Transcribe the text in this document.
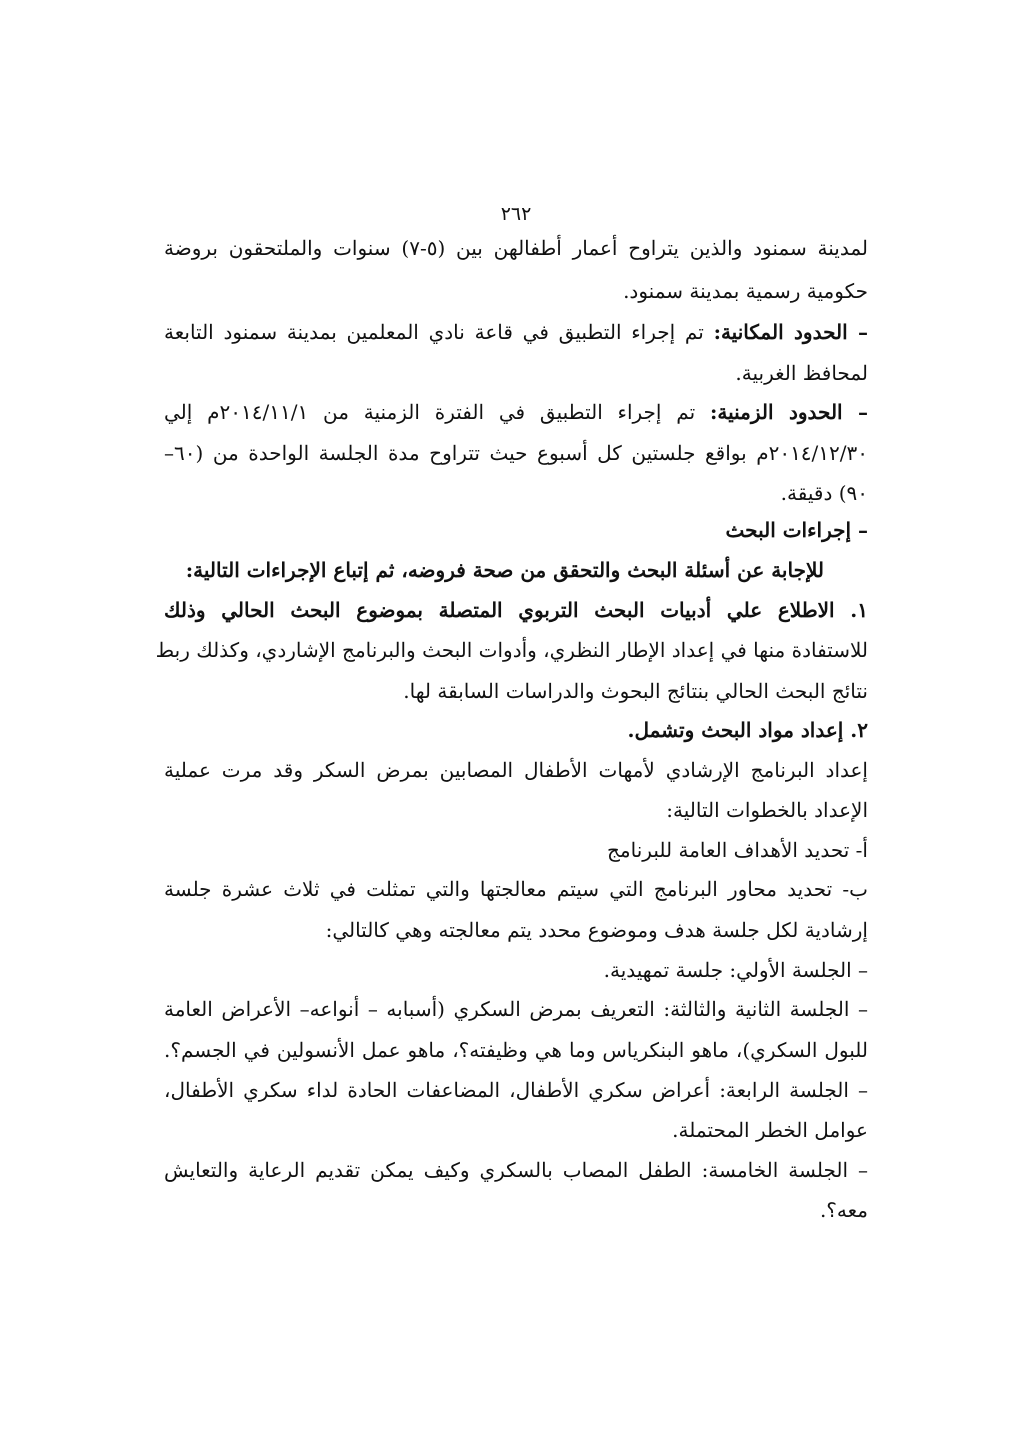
٢٦٢
لمدينة سمنود والذين يتراوح أعمار أطفالهن بين (٥-٧) سنوات والملتحقون بروضة
حكومية رسمية بمدينة سمنود.
– الحدود المكانية: تم إجراء التطبيق في قاعة نادي المعلمين بمدينة سمنود التابعة
لمحافظ الغربية.
– الحدود الزمنية: تم إجراء التطبيق في الفترة الزمنية من ٢٠١٤/١١/١م إلي
٢٠١٤/١٢/٣٠م بواقع جلستين كل أسبوع حيث تتراوح مدة الجلسة الواحدة من (٦٠–
٩٠) دقيقة.
– إجراءات البحث
للإجابة عن أسئلة البحث والتحقق من صحة فروضه، ثم إتباع الإجراءات التالية:
١. الاطلاع علي أدبيات البحث التربوي المتصلة بموضوع البحث الحالي وذلك
للاستفادة منها في إعداد الإطار النظري، وأدوات البحث والبرنامج الإشاردي، وكذلك ربط
نتائج البحث الحالي بنتائج البحوث والدراسات السابقة لها.
٢. إعداد مواد البحث وتشمل.
إعداد البرنامج الإرشادي لأمهات الأطفال المصابين بمرض السكر وقد مرت عملية
الإعداد بالخطوات التالية:
أ- تحديد الأهداف العامة للبرنامج
ب- تحديد محاور البرنامج التي سيتم معالجتها والتي تمثلت في ثلاث عشرة جلسة
إرشادية لكل جلسة هدف وموضوع محدد يتم معالجته وهي كالتالي:
– الجلسة الأولي: جلسة تمهيدية.
– الجلسة الثانية والثالثة: التعريف بمرض السكري (أسبابه – أنواعه– الأعراض العامة
للبول السكري)، ماهو البنكرياس وما هي وظيفته؟، ماهو عمل الأنسولين في الجسم؟.
– الجلسة الرابعة: أعراض سكري الأطفال، المضاعفات الحادة لداء سكري الأطفال،
عوامل الخطر المحتملة.
– الجلسة الخامسة: الطفل المصاب بالسكري وكيف يمكن تقديم الرعاية والتعايش
معه؟.
